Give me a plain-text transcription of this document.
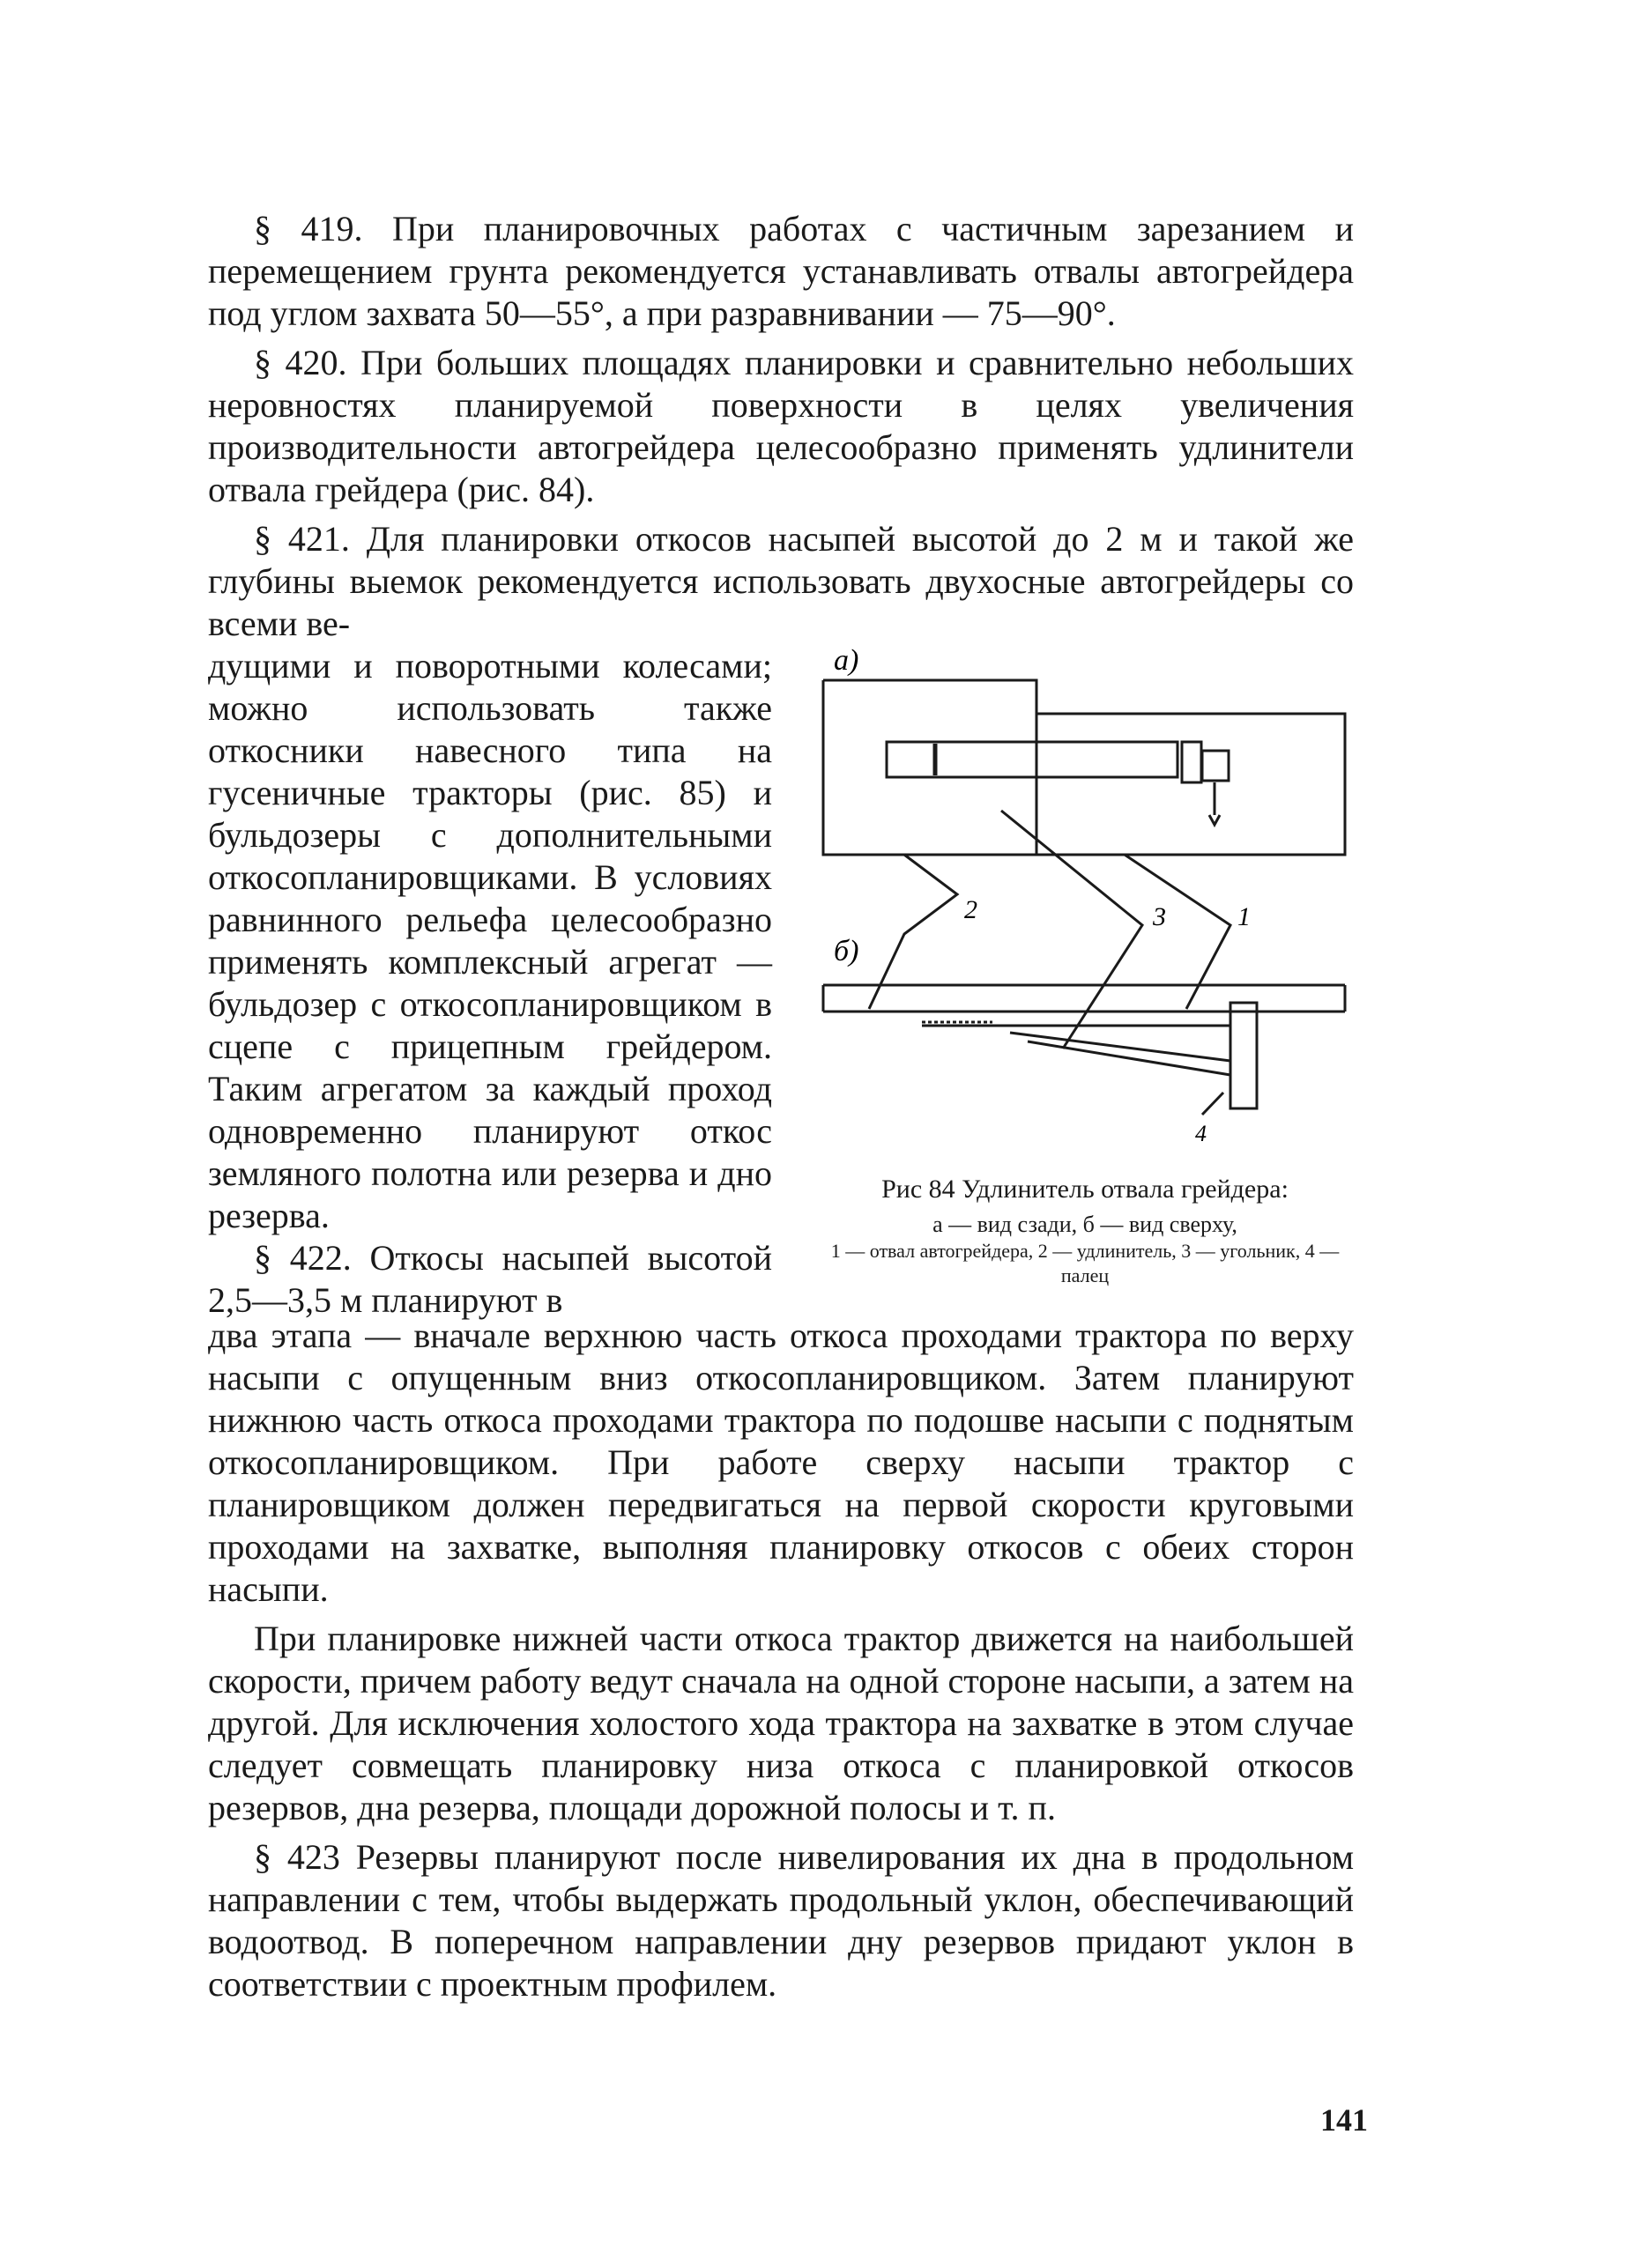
§ 419. При планировочных работах с частичным зарезанием и перемещением грунта рекомендуется устанавливать отвалы автогрейдера под углом захвата 50—55°, а при разравнивании — 75—90°.

§ 420. При больших площадях планировки и сравнительно небольших неровностях планируемой поверхности в целях увеличения производительности автогрейдера целесообразно применять удлинители отвала грейдера (рис. 84).

§ 421. Для планировки откосов насыпей высотой до 2 м и такой же глубины выемок рекомендуется использовать двухосные автогрейдеры со всеми ве-

дущими и поворотными колесами; можно использовать также откосники навесного типа на гусеничные тракторы (рис. 85) и бульдозеры с дополнительными откосопланировщиками. В условиях равнинного рельефа целесообразно применять комплексный агрегат — бульдозер с откосопланировщиком в сцепе с прицепным грейдером. Таким агрегатом за каждый проход одновременно планируют откос земляного полотна или резерва и дно резерва.

§ 422. Откосы насыпей высотой 2,5—3,5 м планируют в

а)
б)
2	3	1
4
Рис 84 Удлинитель отвала грейдера:
а — вид сзади, б — вид сверху,
1 — отвал автогрейдера, 2 — удлинитель, 3 — угольник, 4 — палец

два этапа — вначале верхнюю часть откоса проходами трактора по верху насыпи с опущенным вниз откосопланировщиком. Затем планируют нижнюю часть откоса проходами трактора по подошве насыпи с поднятым откосопланировщиком. При работе сверху насыпи трактор с планировщиком должен передвигаться на первой скорости круговыми проходами на захватке, выполняя планировку откосов с обеих сторон насыпи.

При планировке нижней части откоса трактор движется на наибольшей скорости, причем работу ведут сначала на одной стороне насыпи, а затем на другой. Для исключения холостого хода трактора на захватке в этом случае следует совмещать планировку низа откоса с планировкой откосов резервов, дна резерва, площади дорожной полосы и т. п.

§ 423 Резервы планируют после нивелирования их дна в продольном направлении с тем, чтобы выдержать продольный уклон, обеспечивающий водоотвод. В поперечном направлении дну резервов придают уклон в соответствии с проектным профилем.

141
